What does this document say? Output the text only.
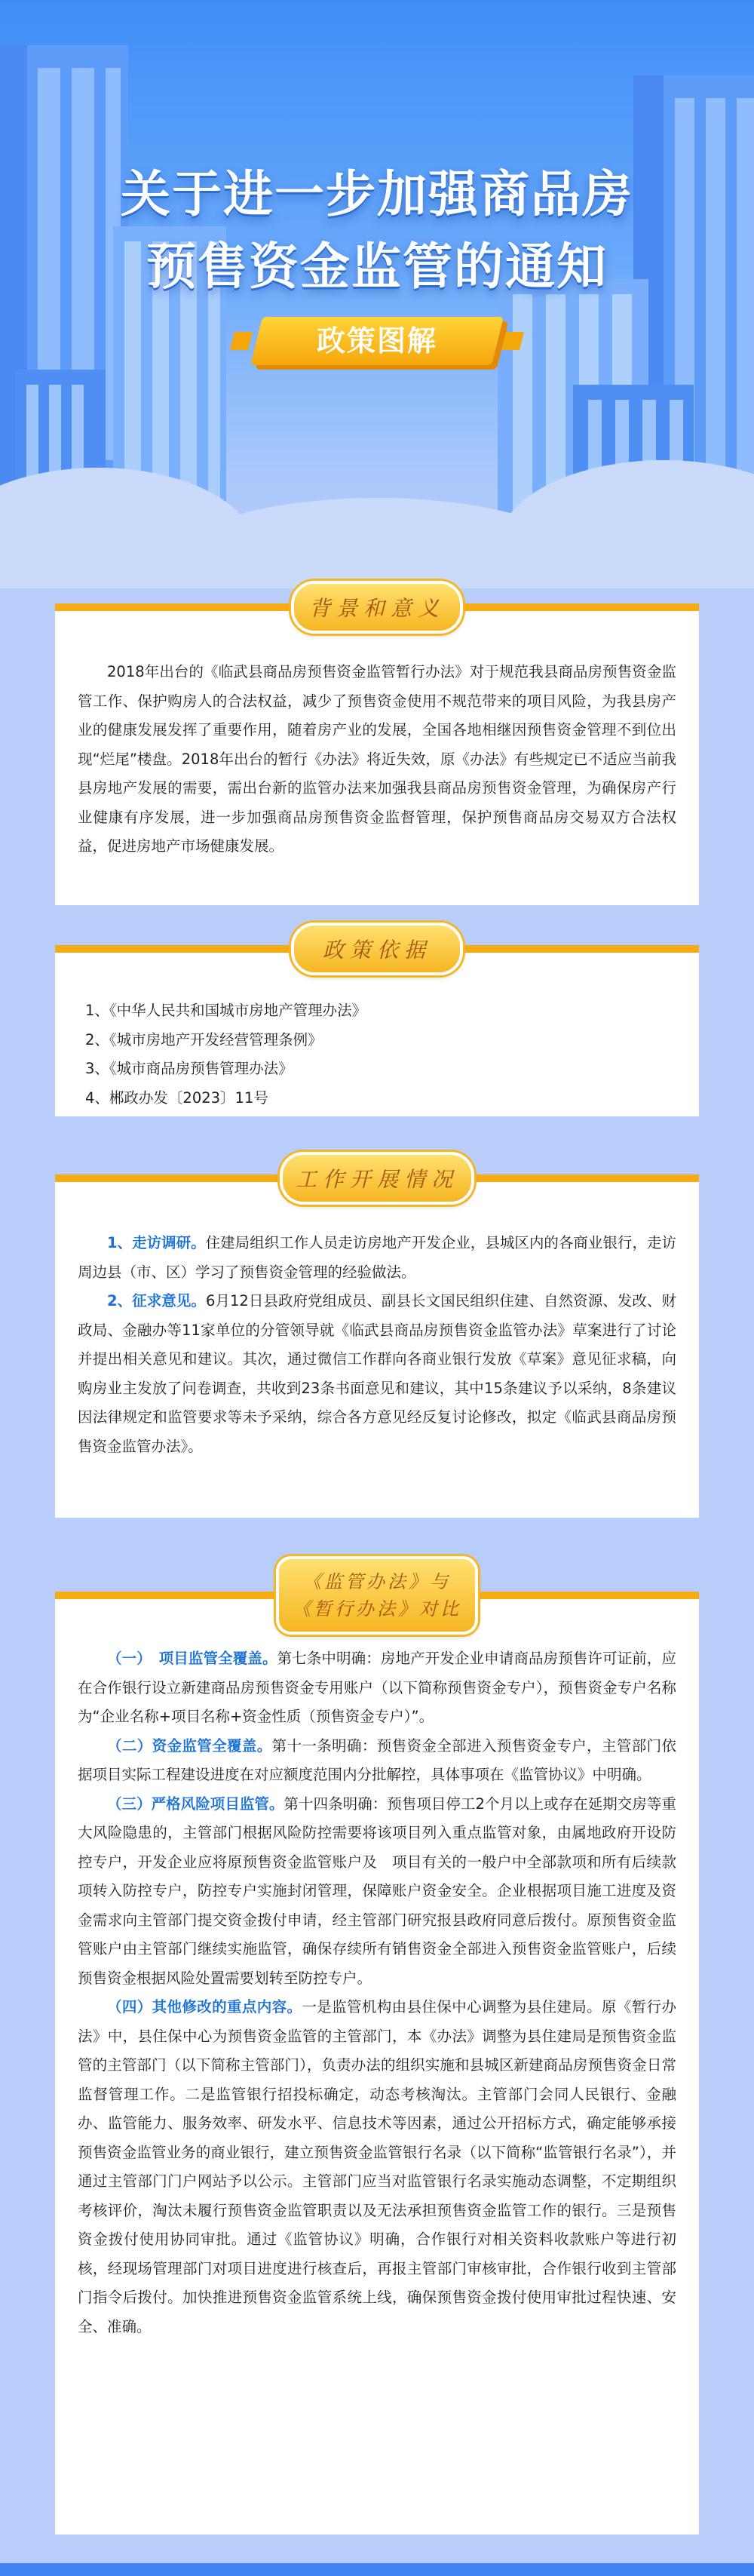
关于进一步加强商品房
预售资金监管的通知
政策图解
背景和意义

2018年出台的《临武县商品房预售资金监管暂行办法》对于规范我县商品房预售资金监管工作、保护购房人的合法权益，减少了预售资金使用不规范带来的项目风险，为我县房产业的健康发展发挥了重要作用，随着房产业的发展，全国各地相继因预售资金管理不到位出现“烂尾”楼盘。2018年出台的暂行《办法》将近失效，原《办法》有些规定已不适应当前我县房地产发展的需要，需出台新的监管办法来加强我县商品房预售资金管理，为确保房产行业健康有序发展，进一步加强商品房预售资金监督管理，保护预售商品房交易双方合法权益，促进房地产市场健康发展。

政策依据

1、《中华人民共和国城市房地产管理办法》

2、《城市房地产开发经营管理条例》

3、《城市商品房预售管理办法》

4、郴政办发〔2023〕11号

工作开展情况

1、走访调研。住建局组织工作人员走访房地产开发企业，县城区内的各商业银行，走访周边县（市、区）学习了预售资金管理的经验做法。

2、征求意见。6月12日县政府党组成员、副县长文国民组织住建、自然资源、发改、财政局、金融办等11家单位的分管领导就《临武县商品房预售资金监管办法》草案进行了讨论并提出相关意见和建议。其次，通过微信工作群向各商业银行发放《草案》意见征求稿，向购房业主发放了问卷调查，共收到23条书面意见和建议，其中15条建议予以采纳，8条建议因法律规定和监管要求等未予采纳，综合各方意见经反复讨论修改，拟定《临武县商品房预售资金监管办法》。

《监管办法》与
《暂行办法》对比

（一）　项目监管全覆盖。第七条中明确：房地产开发企业申请商品房预售许可证前，应在合作银行设立新建商品房预售资金专用账户（以下简称预售资金专户），预售资金专户名称为“企业名称+项目名称+资金性质（预售资金专户）”。

（二）资金监管全覆盖。第十一条明确：预售资金全部进入预售资金专户，主管部门依据项目实际工程建设进度在对应额度范围内分批解控，具体事项在《监管协议》中明确。

（三）严格风险项目监管。第十四条明确：预售项目停工2个月以上或存在延期交房等重大风险隐患的，主管部门根据风险防控需要将该项目列入重点监管对象，由属地政府开设防控专户，开发企业应将原预售资金监管账户及　项目有关的一般户中全部款项和所有后续款项转入防控专户，防控专户实施封闭管理，保障账户资金安全。企业根据项目施工进度及资金需求向主管部门提交资金拨付申请，经主管部门研究报县政府同意后拨付。原预售资金监管账户由主管部门继续实施监管，确保存续所有销售资金全部进入预售资金监管账户，后续预售资金根据风险处置需要划转至防控专户。

（四）其他修改的重点内容。一是监管机构由县住保中心调整为县住建局。原《暂行办法》中，县住保中心为预售资金监管的主管部门，本《办法》调整为县住建局是预售资金监管的主管部门（以下简称主管部门），负责办法的组织实施和县城区新建商品房预售资金日常监督管理工作。二是监管银行招投标确定，动态考核淘汰。主管部门会同人民银行、金融办、监管能力、服务效率、研发水平、信息技术等因素，通过公开招标方式，确定能够承接预售资金监管业务的商业银行，建立预售资金监管银行名录（以下简称“监管银行名录”），并通过主管部门门户网站予以公示。主管部门应当对监管银行名录实施动态调整，不定期组织考核评价，淘汰未履行预售资金监管职责以及无法承担预售资金监管工作的银行。三是预售资金拨付使用协同审批。通过《监管协议》明确，合作银行对相关资料收款账户等进行初核，经现场管理部门对项目进度进行核查后，再报主管部门审核审批，合作银行收到主管部门指令后拨付。加快推进预售资金监管系统上线，确保预售资金拨付使用审批过程快速、安全、准确。
